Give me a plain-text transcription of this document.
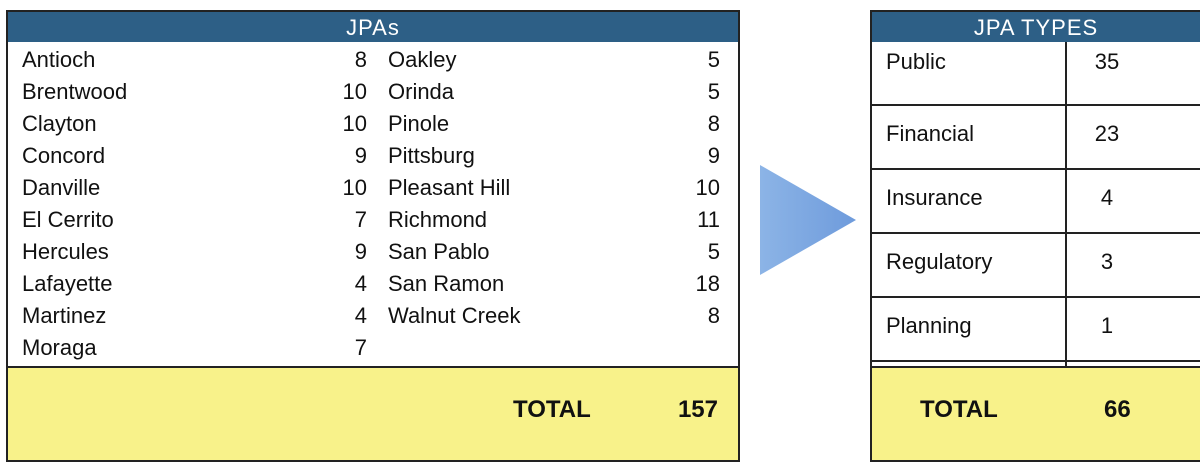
JPAs
Antioch	8
Brentwood	10
Clayton	10
Concord	9
Danville	10
El Cerrito	7
Hercules	9
Lafayette	4
Martinez	4
Moraga	7
Oakley	5
Orinda	5
Pinole	8
Pittsburg	9
Pleasant Hill	10
Richmond	11
San Pablo	5
San Ramon	18
Walnut Creek	8
TOTAL	157
JPA TYPES
Public	35
Financial	23
Insurance	4
Regulatory	3
Planning	1
TOTAL	66
